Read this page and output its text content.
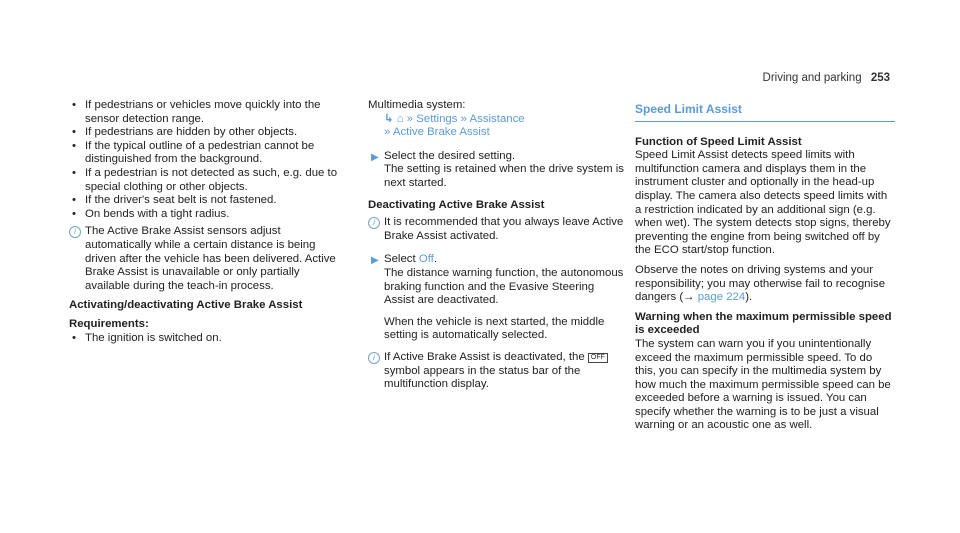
Driving and parking 253
• If pedestrians or vehicles move quickly into the sensor detection range.
• If pedestrians are hidden by other objects.
• If the typical outline of a pedestrian cannot be distinguished from the background.
• If a pedestrian is not detected as such, e.g. due to special clothing or other objects.
• If the driver's seat belt is not fastened.
• On bends with a tight radius.
i The Active Brake Assist sensors adjust automatically while a certain distance is being driven after the vehicle has been delivered. Active Brake Assist is unavailable or only partially available during the teach-in process.
Activating/deactivating Active Brake Assist
Requirements:
• The ignition is switched on.
Multimedia system:
↳ ⌂ » Settings » Assistance
» Active Brake Assist
▶ Select the desired setting.
The setting is retained when the drive system is next started.
Deactivating Active Brake Assist
i It is recommended that you always leave Active Brake Assist activated.
▶ Select Off.
The distance warning function, the autonomous braking function and the Evasive Steering Assist are deactivated.
When the vehicle is next started, the middle setting is automatically selected.
i If Active Brake Assist is deactivated, the OFF symbol appears in the status bar of the multifunction display.
Speed Limit Assist
Function of Speed Limit Assist
Speed Limit Assist detects speed limits with multifunction camera and displays them in the instrument cluster and optionally in the head-up display. The camera also detects speed limits with a restriction indicated by an additional sign (e.g. when wet). The system detects stop signs, thereby preventing the engine from being switched off by the ECO start/stop function.
Observe the notes on driving systems and your responsibility; you may otherwise fail to recognise dangers (→ page 224).
Warning when the maximum permissible speed is exceeded
The system can warn you if you unintentionally exceed the maximum permissible speed. To do this, you can specify in the multimedia system by how much the maximum permissible speed can be exceeded before a warning is issued. You can specify whether the warning is to be just a visual warning or an acoustic one as well.
